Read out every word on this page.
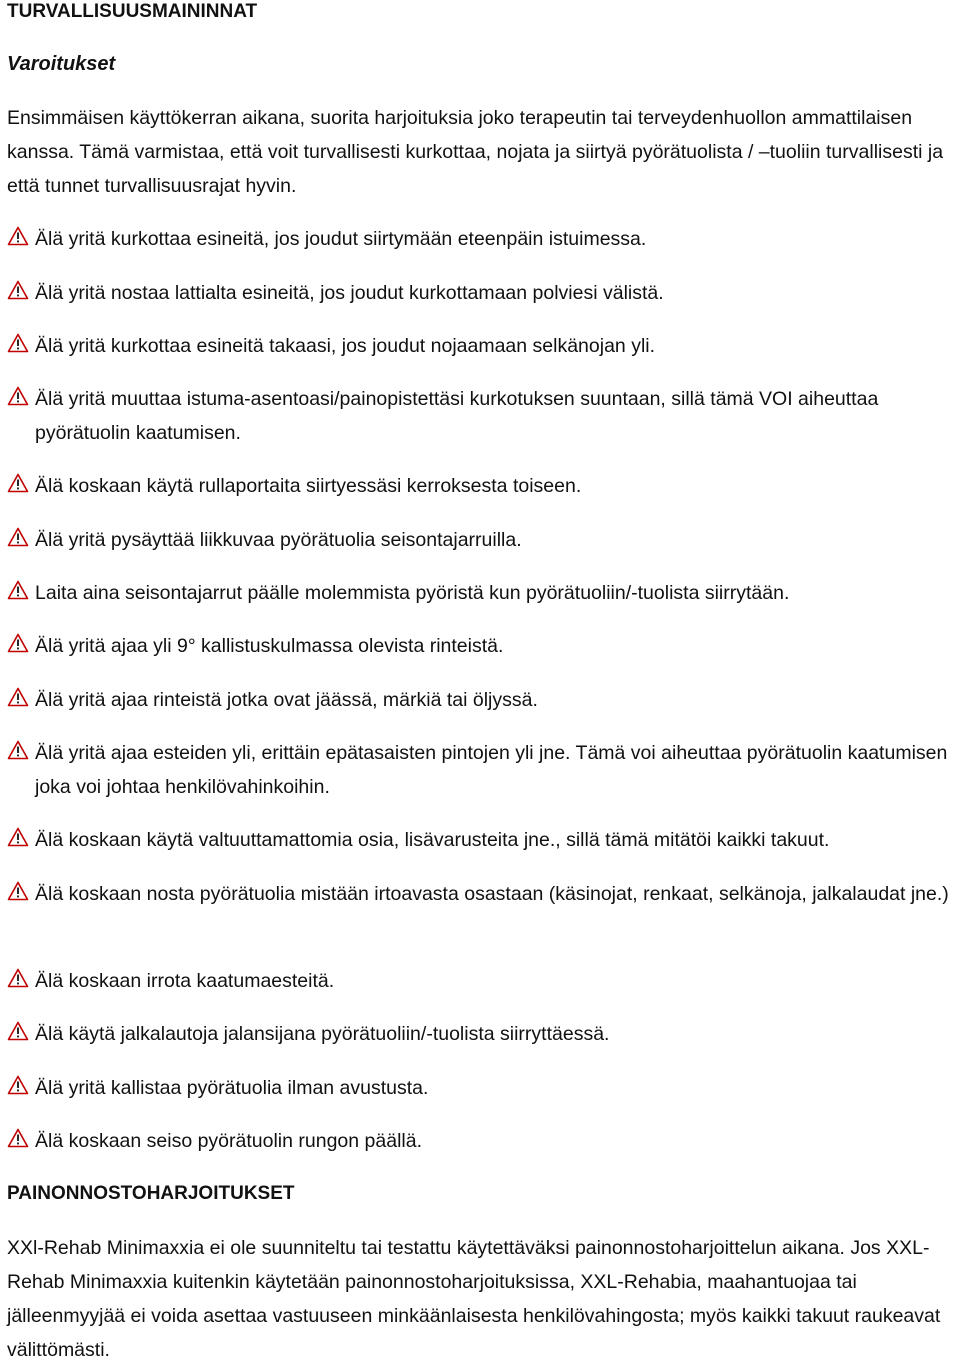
TURVALLISUUSMAININNAT
Varoitukset

Ensimmäisen käyttökerran aikana, suorita harjoituksia joko terapeutin tai terveydenhuollon ammattilaisen kanssa. Tämä varmistaa, että voit turvallisesti kurkottaa, nojata ja siirtyä pyörätuolista / –tuoliin turvallisesti ja että tunnet turvallisuusrajat hyvin.

Älä yritä kurkottaa esineitä, jos joudut siirtymään eteenpäin istuimessa.
Älä yritä nostaa lattialta esineitä, jos joudut kurkottamaan polviesi välistä.
Älä yritä kurkottaa esineitä takaasi, jos joudut nojaamaan selkänojan yli.
Älä yritä muuttaa istuma-asentoasi/painopistettäsi kurkotuksen suuntaan, sillä tämä VOI aiheuttaa pyörätuolin kaatumisen.
Älä koskaan käytä rullaportaita siirtyessäsi kerroksesta toiseen.
Älä yritä pysäyttää liikkuvaa pyörätuolia seisontajarruilla.
Laita aina seisontajarrut päälle molemmista pyöristä kun pyörätuoliin/-tuolista siirrytään.
Älä yritä ajaa yli 9° kallistuskulmassa olevista rinteistä.
Älä yritä ajaa rinteistä jotka ovat jäässä, märkiä tai öljyssä.
Älä yritä ajaa esteiden yli, erittäin epätasaisten pintojen yli jne. Tämä voi aiheuttaa pyörätuolin kaatumisen joka voi johtaa henkilövahinkoihin.
Älä koskaan käytä valtuuttamattomia osia, lisävarusteita jne., sillä tämä mitätöi kaikki takuut.
Älä koskaan nosta pyörätuolia mistään irtoavasta osastaan (käsinojat, renkaat, selkänoja, jalkalaudat jne.)
Älä koskaan irrota kaatumaesteitä.
Älä käytä jalkalautoja jalansijana pyörätuoliin/-tuolista siirryttäessä.
Älä yritä kallistaa pyörätuolia ilman avustusta.
Älä koskaan seiso pyörätuolin rungon päällä.
PAINONNOSTOHARJOITUKSET

XXl-Rehab Minimaxxia ei ole suunniteltu tai testattu käytettäväksi painonnostoharjoittelun aikana. Jos XXL-Rehab Minimaxxia kuitenkin käytetään painonnostoharjoituksissa, XXL-Rehabia, maahantuojaa tai jälleenmyyjää ei voida asettaa vastuuseen minkäänlaisesta henkilövahingosta; myös kaikki takuut raukeavat välittömästi.
